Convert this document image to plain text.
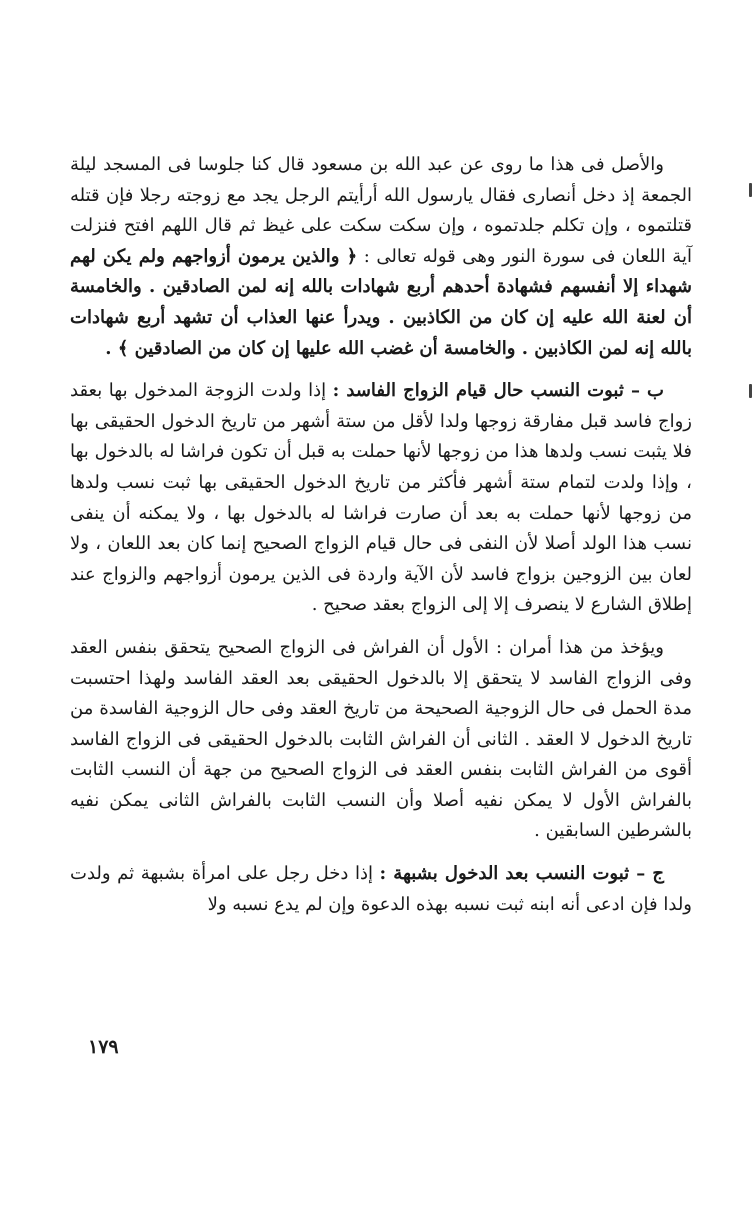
والأصل فى هذا ما روى عن عبد الله بن مسعود قال كنا جلوسا فى المسجد ليلة الجمعة إذ دخل أنصارى فقال يارسول الله أرأيتم الرجل يجد مع زوجته رجلا فإن قتله قتلتموه ، وإن تكلم جلدتموه ، وإن سكت سكت على غيظ ثم قال اللهم افتح فنزلت آية اللعان فى سورة النور وهى قوله تعالى : ﴿ والذين يرمون أزواجهم ولم يكن لهم شهداء إلا أنفسهم فشهادة أحدهم أربع شهادات بالله إنه لمن الصادقين . والخامسة أن لعنة الله عليه إن كان من الكاذبين . ويدرأ عنها العذاب أن تشهد أربع شهادات بالله إنه لمن الكاذبين . والخامسة أن غضب الله عليها إن كان من الصادقين ﴾ .

ب – ثبوت النسب حال قيام الزواج الفاسد : إذا ولدت الزوجة المدخول بها بعقد زواج فاسد قبل مفارقة زوجها ولدا لأقل من ستة أشهر من تاريخ الدخول الحقيقى بها فلا يثبت نسب ولدها هذا من زوجها لأنها حملت به قبل أن تكون فراشا له بالدخول بها ، وإذا ولدت لتمام ستة أشهر فأكثر من تاريخ الدخول الحقيقى بها ثبت نسب ولدها من زوجها لأنها حملت به بعد أن صارت فراشا له بالدخول بها ، ولا يمكنه أن ينفى نسب هذا الولد أصلا لأن النفى فى حال قيام الزواج الصحيح إنما كان بعد اللعان ، ولا لعان بين الزوجين بزواج فاسد لأن الآية واردة فى الذين يرمون أزواجهم والزواج عند إطلاق الشارع لا ينصرف إلا إلى الزواج بعقد صحيح .

ويؤخذ من هذا أمران : الأول أن الفراش فى الزواج الصحيح يتحقق بنفس العقد وفى الزواج الفاسد لا يتحقق إلا بالدخول الحقيقى بعد العقد الفاسد ولهذا احتسبت مدة الحمل فى حال الزوجية الصحيحة من تاريخ العقد وفى حال الزوجية الفاسدة من تاريخ الدخول لا العقد . الثانى أن الفراش الثابت بالدخول الحقيقى فى الزواج الفاسد أقوى من الفراش الثابت بنفس العقد فى الزواج الصحيح من جهة أن النسب الثابت بالفراش الأول لا يمكن نفيه أصلا وأن النسب الثابت بالفراش الثانى يمكن نفيه بالشرطين السابقين .

ج – ثبوت النسب بعد الدخول بشبهة : إذا دخل رجل على امرأة بشبهة ثم ولدت ولدا فإن ادعى أنه ابنه ثبت نسبه بهذه الدعوة وإن لم يدع نسبه ولا

١٧٩
